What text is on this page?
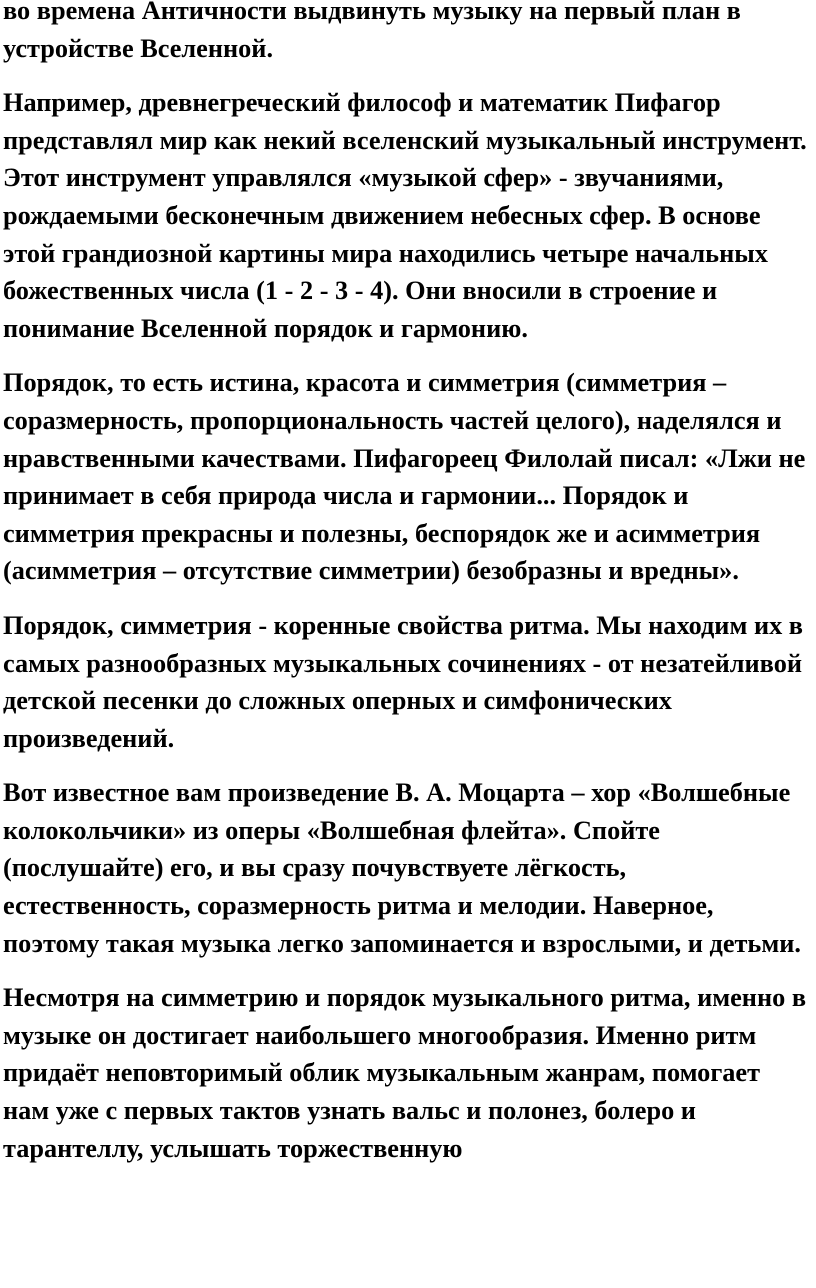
во времена Античности выдвинуть музыку на первый план в устройстве Вселенной.

Например, древнегреческий философ и математик Пифагор представлял мир как некий вселенский музыкальный инструмент. Этот инструмент управлялся «музыкой сфер» - звучаниями, рождаемыми бесконечным движением небесных сфер. В основе этой грандиозной картины мира находились четыре начальных божественных числа (1 - 2 - 3 - 4). Они вносили в строение и понимание Вселенной порядок и гармонию.

Порядок, то есть истина, красота и симметрия (симметрия – соразмерность, пропорциональность частей целого), наделялся и нравственными качествами. Пифагореец Филолай писал: «Лжи не принимает в себя природа числа и гармонии... Порядок и симметрия прекрасны и полезны, беспорядок же и асимметрия (асимметрия – отсутствие симметрии) безобразны и вредны».

Порядок, симметрия - коренные свойства ритма. Мы находим их в самых разнообразных музыкальных сочинениях - от незатейливой детской песенки до сложных оперных и симфонических произведений.

Вот известное вам произведение В. А. Моцарта – хор «Волшебные колокольчики» из оперы «Волшебная флейта». Спойте (послушайте) его, и вы сразу почувствуете лёгкость, естественность, соразмерность ритма и мелодии. Наверное, поэтому такая музыка легко запоминается и взрослыми, и детьми.

Несмотря на симметрию и порядок музыкального ритма, именно в музыке он достигает наибольшего многообразия. Именно ритм придаёт неповторимый облик музыкальным жанрам, помогает нам уже с первых тактов узнать вальс и полонез, болеро и тарантеллу, услышать торжественную
